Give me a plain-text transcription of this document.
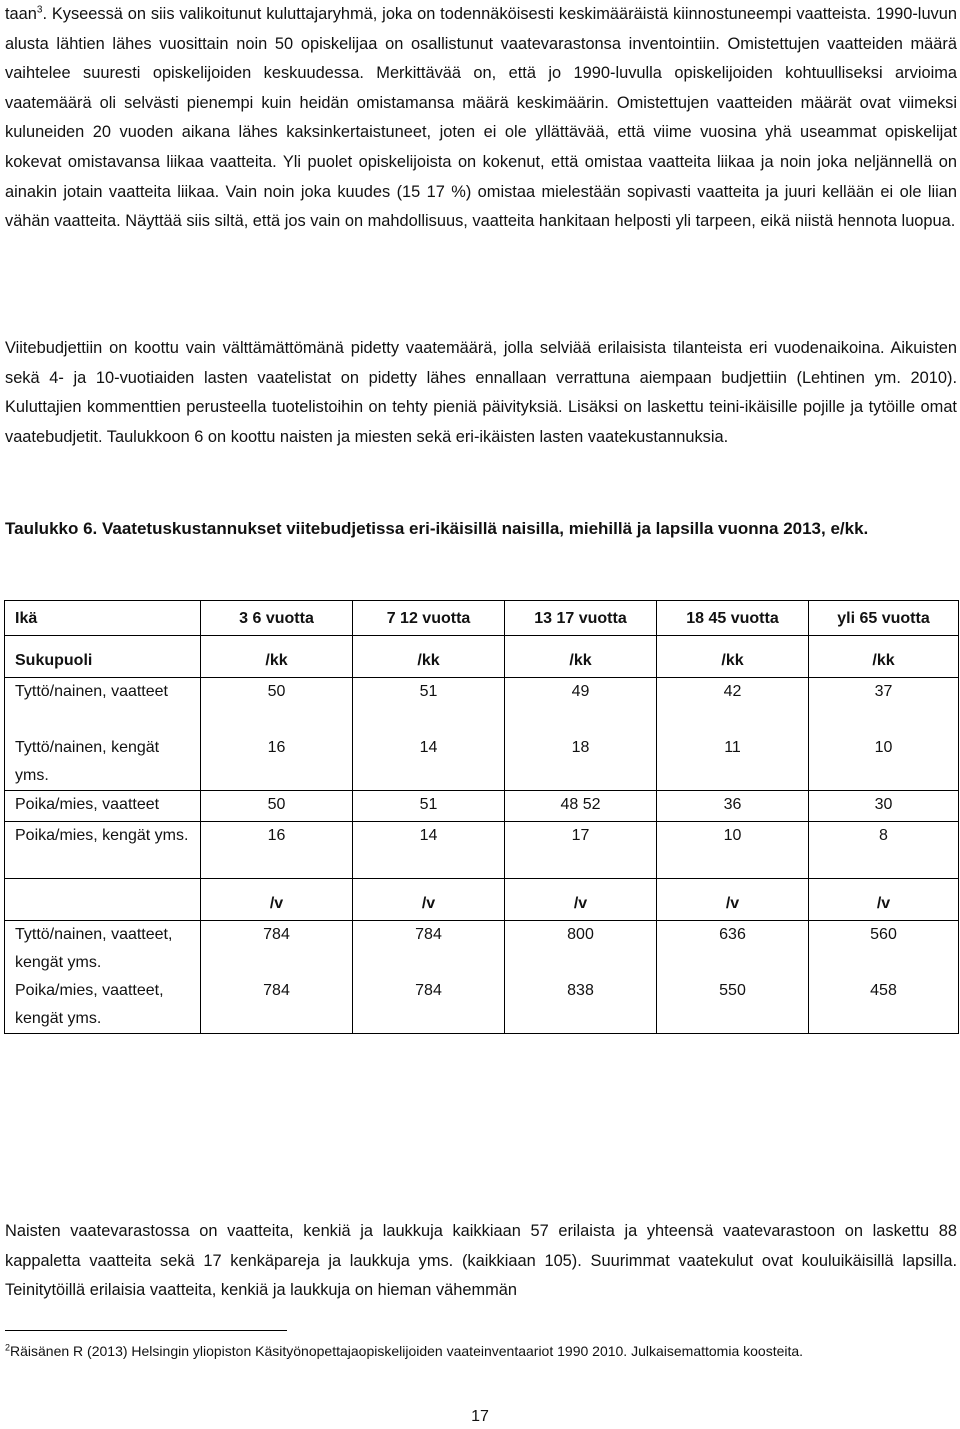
taan$^3$. Kyseessä on siis valikoitunut kuluttajaryhmä, joka on todennäköisesti keskimääräistä kiinnostuneempi vaatteista. 1990-luvun alusta lähtien lähes vuosittain noin 50 opiskelijaa on osallistunut vaatevarastonsa inventointiin. Omistettujen vaatteiden määrä vaihtelee suuresti opiskelijoiden keskuudessa. Merkittävää on, että jo 1990-luvulla opiskelijoiden kohtuulliseksi arvioima vaatemäärä oli selvästi pienempi kuin heidän omistamansa määrä keskimäärin. Omistettujen vaatteiden määrät ovat viimeksi kuluneiden 20 vuoden aikana lähes kaksinkertaistuneet, joten ei ole yllättävää, että viime vuosina yhä useammat opiskelijat kokevat omistavansa liikaa vaatteita. Yli puolet opiskelijoista on kokenut, että omistaa vaatteita liikaa ja noin joka neljännellä on ainakin jotain vaatteita liikaa. Vain noin joka kuudes (15 17 %) omistaa mielestään sopivasti vaatteita ja juuri kellään ei ole liian vähän vaatteita. Näyttää siis siltä, että jos vain on mahdollisuus, vaatteita hankitaan helposti yli tarpeen, eikä niistä hennota luopua.

Viitebudjettiin on koottu vain välttämättömänä pidetty vaatemäärä, jolla selviää erilaisista tilanteista eri vuodenaikoina. Aikuisten sekä 4- ja 10-vuotiaiden lasten vaatelistat on pidetty lähes ennallaan verrattuna aiempaan budjettiin (Lehtinen ym. 2010). Kuluttajien kommenttien perusteella tuotelistoihin on tehty pieniä päivityksiä. Lisäksi on laskettu teini-ikäisille pojille ja tytöille omat vaatebudjetit. Taulukkoon 6 on koottu naisten ja miesten sekä eri-ikäisten lasten vaatekustannuksia.

Taulukko 6. Vaatetuskustannukset viitebudjetissa eri-ikäisillä naisilla, miehillä ja lapsilla vuonna 2013, e/kk.

Ikä	3 6 vuotta	7 12 vuotta	13 17 vuotta	18 45 vuotta	yli 65 vuotta
Sukupuoli	/kk	/kk	/kk	/kk	/kk
Tyttö/nainen, vaatteet	50	51	49	42	37
Tyttö/nainen, kengät yms.	16	14	18	11	10
Poika/mies, vaatteet	50	51	48 52	36	30
Poika/mies, kengät yms.	16	14	17	10	8
	/v	/v	/v	/v	/v
Tyttö/nainen, vaatteet, kengät yms.	784	784	800	636	560
Poika/mies, vaatteet, kengät yms.	784	784	838	550	458

Naisten vaatevarastossa on vaatteita, kenkiä ja laukkuja kaikkiaan 57 erilaista ja yhteensä vaatevarastoon on laskettu 88 kappaletta vaatteita sekä 17 kenkäpareja ja laukkuja yms. (kaikkiaan 105). Suurimmat vaatekulut ovat kouluikäisillä lapsilla. Teinitytöillä erilaisia vaatteita, kenkiä ja laukkuja on hieman vähemmän

$^2$Räisänen R (2013) Helsingin yliopiston Käsityönopettajaopiskelijoiden vaateinventaariot 1990 2010. Julkaisemattomia koosteita.

17
